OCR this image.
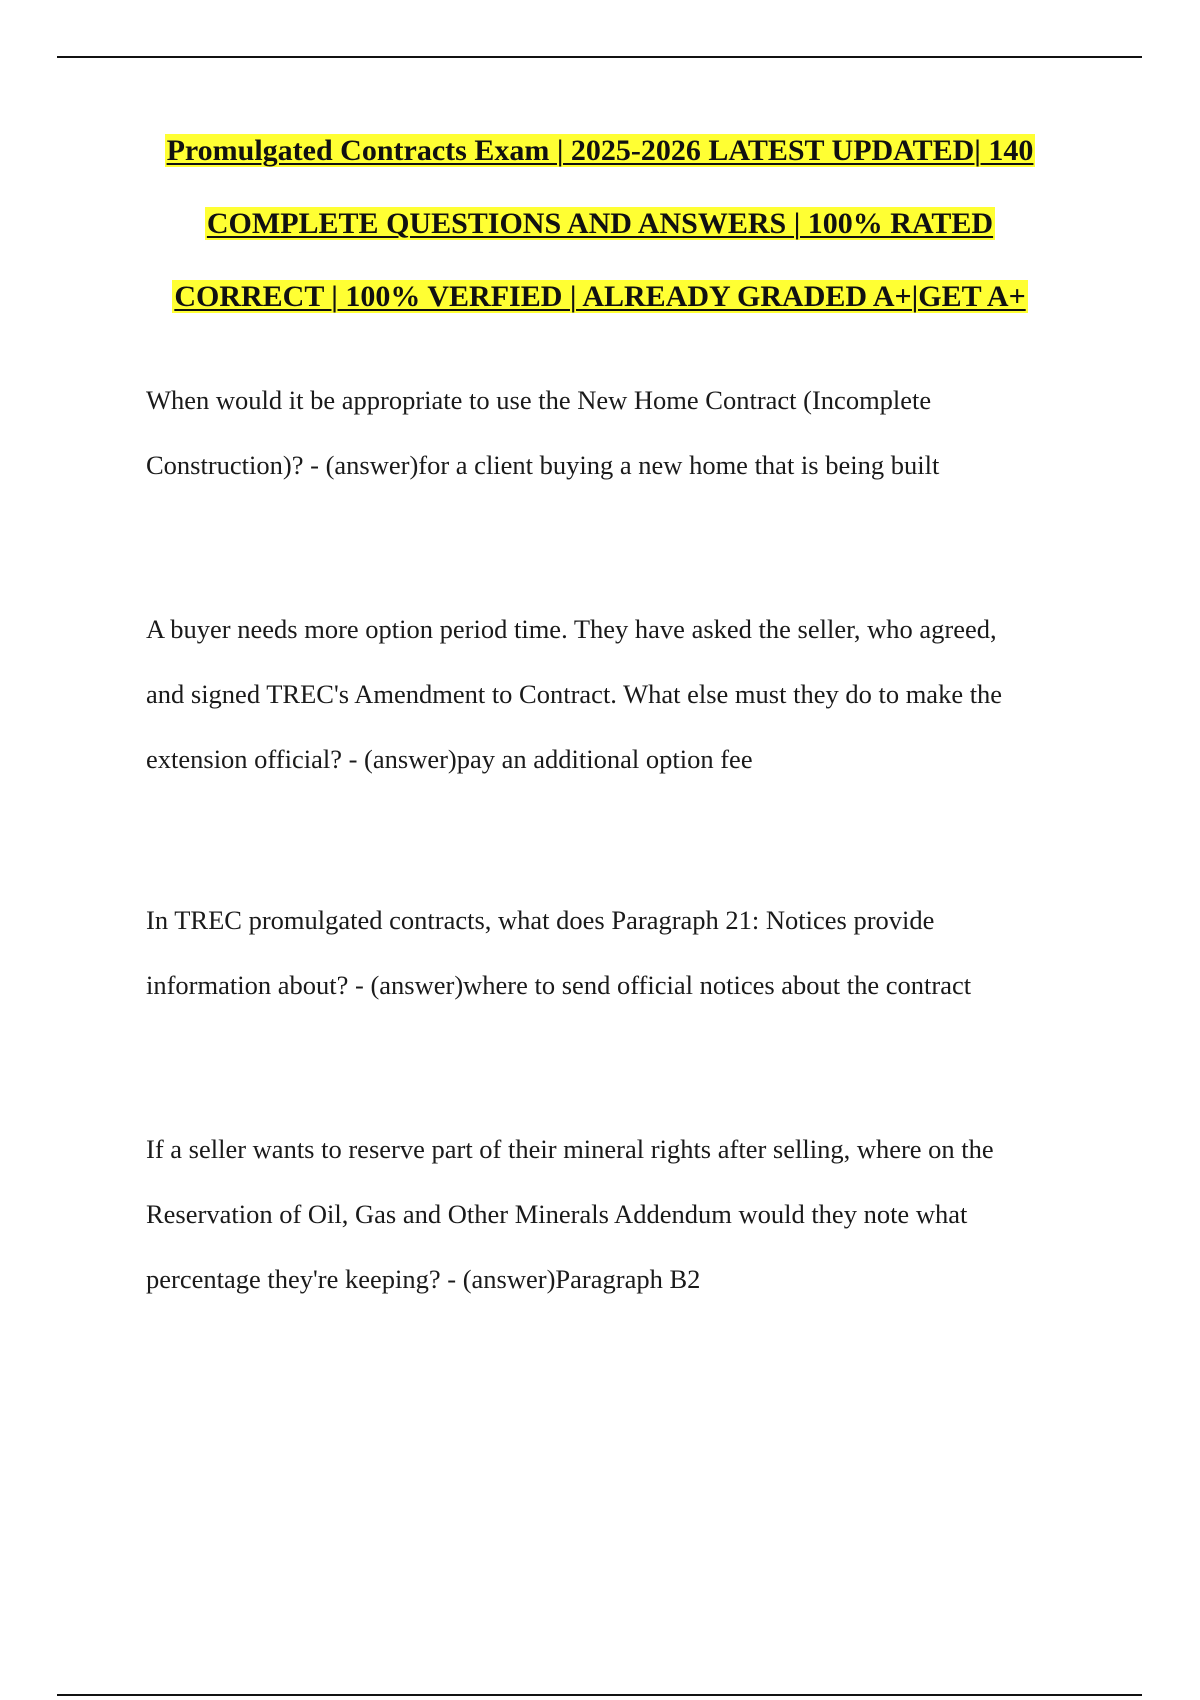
Promulgated Contracts Exam | 2025-2026 LATEST UPDATED| 140
COMPLETE QUESTIONS AND ANSWERS | 100% RATED
CORRECT | 100% VERFIED | ALREADY GRADED A+|GET A+

When would it be appropriate to use the New Home Contract (Incomplete
Construction)? - (answer)for a client buying a new home that is being built

A buyer needs more option period time. They have asked the seller, who agreed,
and signed TREC's Amendment to Contract. What else must they do to make the
extension official? - (answer)pay an additional option fee

In TREC promulgated contracts, what does Paragraph 21: Notices provide
information about? - (answer)where to send official notices about the contract

If a seller wants to reserve part of their mineral rights after selling, where on the
Reservation of Oil, Gas and Other Minerals Addendum would they note what
percentage they're keeping? - (answer)Paragraph B2
